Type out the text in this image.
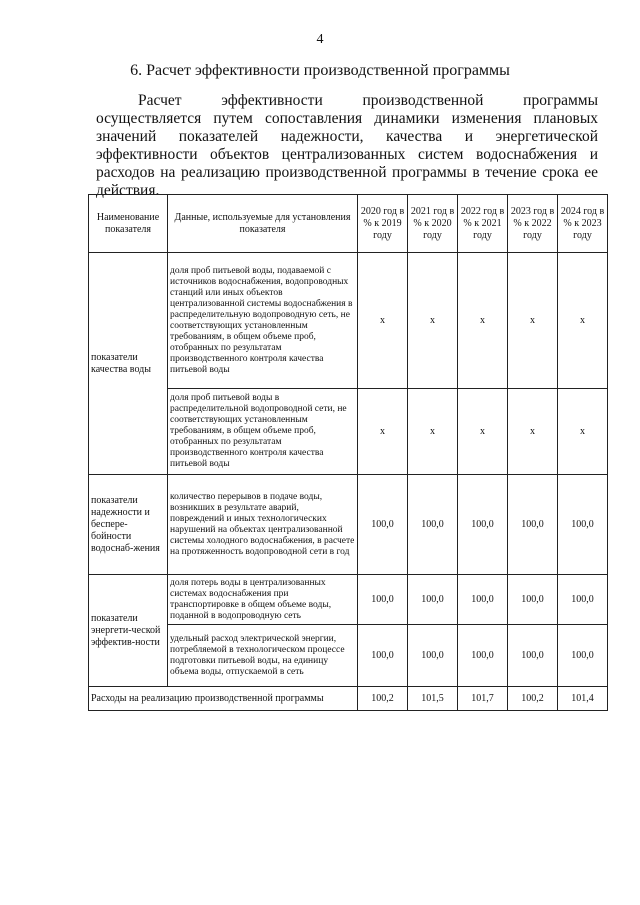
4
6. Расчет эффективности производственной программы

Расчет эффективности производственной программы осуществляется путем сопоставления динамики изменения плановых значений показателей надежности, качества и энергетической эффективности объектов централизованных систем водоснабжения и расходов на реализацию производственной программы в течение срока ее действия.

Наименование показателя	Данные, используемые для установления показателя	2020 год в % к 2019 году	2021 год в % к 2020 году	2022 год в % к 2021 году	2023 год в % к 2022 году	2024 год в % к 2023 году
показатели качества воды	доля проб питьевой воды, подаваемой с источников водоснабжения, водопроводных станций или иных объектов централизованной системы водоснабжения в распределительную водопроводную сеть, не соответствующих установленным требованиям, в общем объеме проб, отобранных по результатам производственного контроля качества питьевой воды	x	x	x	x	x
	доля проб питьевой воды в распределительной водопроводной сети, не соответствующих установленным требованиям, в общем объеме проб, отобранных по результатам производственного контроля качества питьевой воды	x	x	x	x	x
показатели надежности и беспере-бойности водоснаб-жения	количество перерывов в подаче воды, возникших в результате аварий, повреждений и иных технологических нарушений на объектах централизованной системы холодного водоснабжения, в расчете на протяженность водопроводной сети в год	100,0	100,0	100,0	100,0	100,0
показатели энергети-ческой эффектив-ности	доля потерь воды в централизованных системах водоснабжения при транспортировке в общем объеме воды, поданной в водопроводную сеть	100,0	100,0	100,0	100,0	100,0
	удельный расход электрической энергии, потребляемой в технологическом процессе подготовки питьевой воды, на единицу объема воды, отпускаемой в сеть	100,0	100,0	100,0	100,0	100,0
Расходы на реализацию производственной программы		100,2	101,5	101,7	100,2	101,4
